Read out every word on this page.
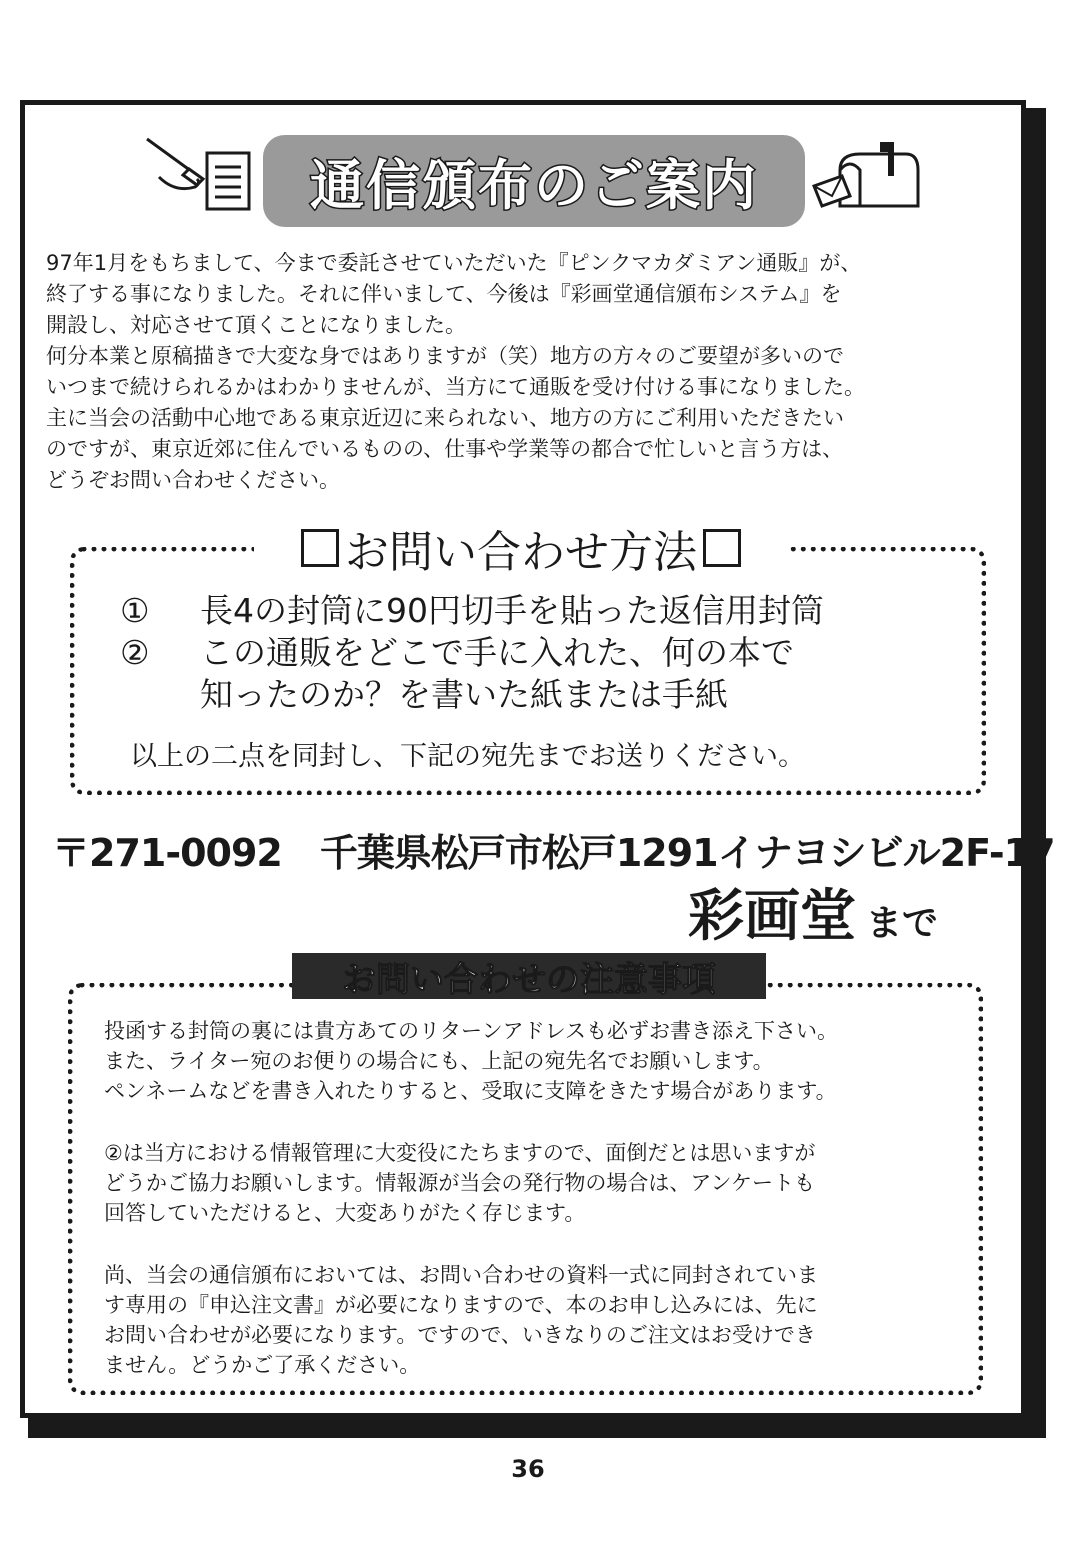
通信頒布のご案内

97年1月をもちまして、今まで委託させていただいた『ピンクマカダミアン通販』が、

終了する事になりました。それに伴いまして、今後は『彩画堂通信頒布システム』を

開設し、対応させて頂くことになりました。

何分本業と原稿描きで大変な身ではありますが（笑）地方の方々のご要望が多いので

いつまで続けられるかはわかりませんが、当方にて通販を受け付ける事になりました。

主に当会の活動中心地である東京近辺に来られない、地方の方にご利用いただきたい

のですが、東京近郊に住んでいるものの、仕事や学業等の都合で忙しいと言う方は、

どうぞお問い合わせください。

お問い合わせ方法
①	長4の封筒に90円切手を貼った返信用封筒
②	この通販をどこで手に入れた、何の本で
知ったのか？を書いた紙または手紙
以上の二点を同封し、下記の宛先までお送りください。
〒271-0092 千葉県松戸市松戸1291イナヨシビル2F-17
彩画堂 まで
お問い合わせの注意事項

投函する封筒の裏には貴方あてのリターンアドレスも必ずお書き添え下さい。

また、ライター宛のお便りの場合にも、上記の宛先名でお願いします。

ペンネームなどを書き入れたりすると、受取に支障をきたす場合があります。

②は当方における情報管理に大変役にたちますので、面倒だとは思いますが

どうかご協力お願いします。情報源が当会の発行物の場合は、アンケートも

回答していただけると、大変ありがたく存じます。

尚、当会の通信頒布においては、お問い合わせの資料一式に同封されていま

す専用の『申込注文書』が必要になりますので、本のお申し込みには、先に

お問い合わせが必要になります。ですので、いきなりのご注文はお受けでき

ません。どうかご了承ください。

36
